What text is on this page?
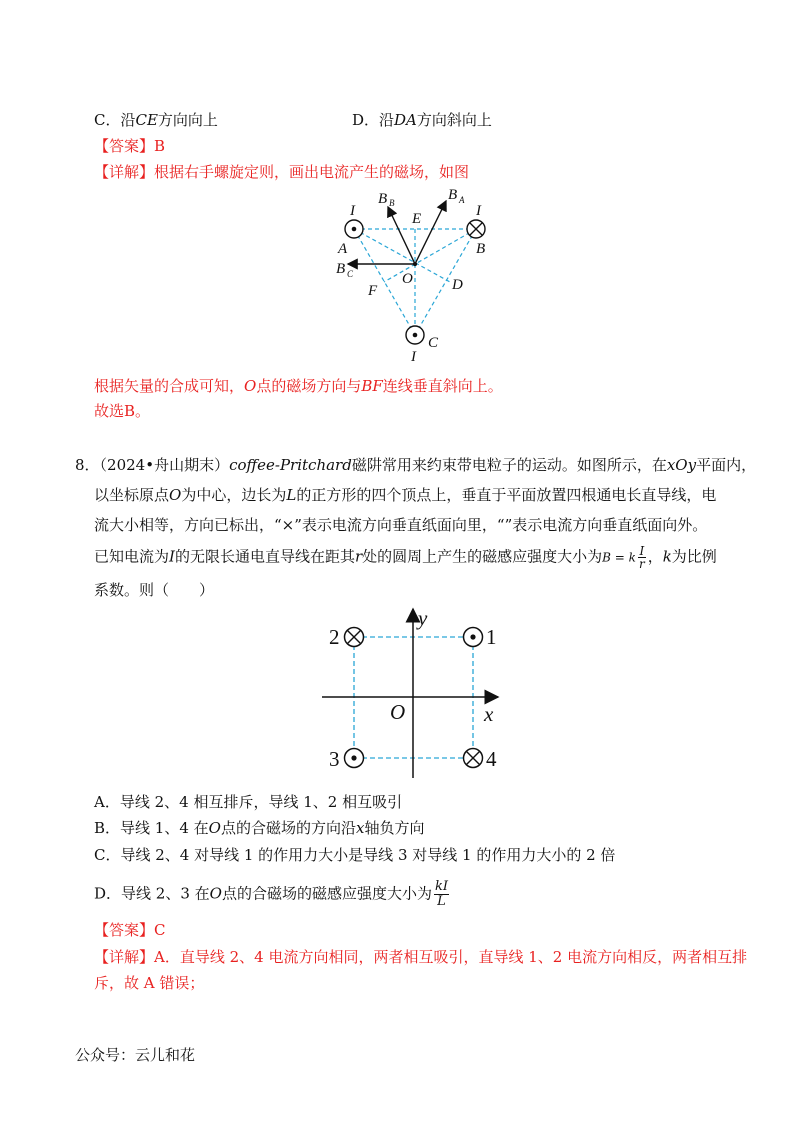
C．沿CE方向向上	D．沿DA方向斜向上
【答案】B
【详解】根据右手螺旋定则，画出电流产生的磁场，如图
I	I
I
A	B
C
D
E
F
O
B	B
B
B	A
C
根据矢量的合成可知，O点的磁场方向与BF连线垂直斜向上。
故选B。
8．（2024•舟山期末）coffee-Pritchard磁阱常用来约束带电粒子的运动。如图所示，在xOy平面内，
以坐标原点O为中心，边长为L的正方形的四个顶点上，垂直于平面放置四根通电长直导线，电
流大小相等，方向已标出，“×”表示电流方向垂直纸面向里，“”表示电流方向垂直纸面向外。
已知电流为I的无限长通电直导线在距其r处的圆周上产生的磁感应强度大小为B = k $\frac{I}{r}$ ，k为比例
系数。则（　　）
y
x
O
1
2
3	4
A．导线 2、4 相互排斥，导线 1、2 相互吸引
B．导线 1、4 在O点的合磁场的方向沿x轴负方向
C．导线 2、4 对导线 1 的作用力大小是导线 3 对导线 1 的作用力大小的 2 倍
D．导线 2、3 在O点的合磁场的磁感应强度大小为 $\frac{kI}{L}$
【答案】C
【详解】A．直导线 2、4 电流方向相同，两者相互吸引，直导线 1、2 电流方向相反，两者相互排
斥，故 A 错误；
公众号：云儿和花
